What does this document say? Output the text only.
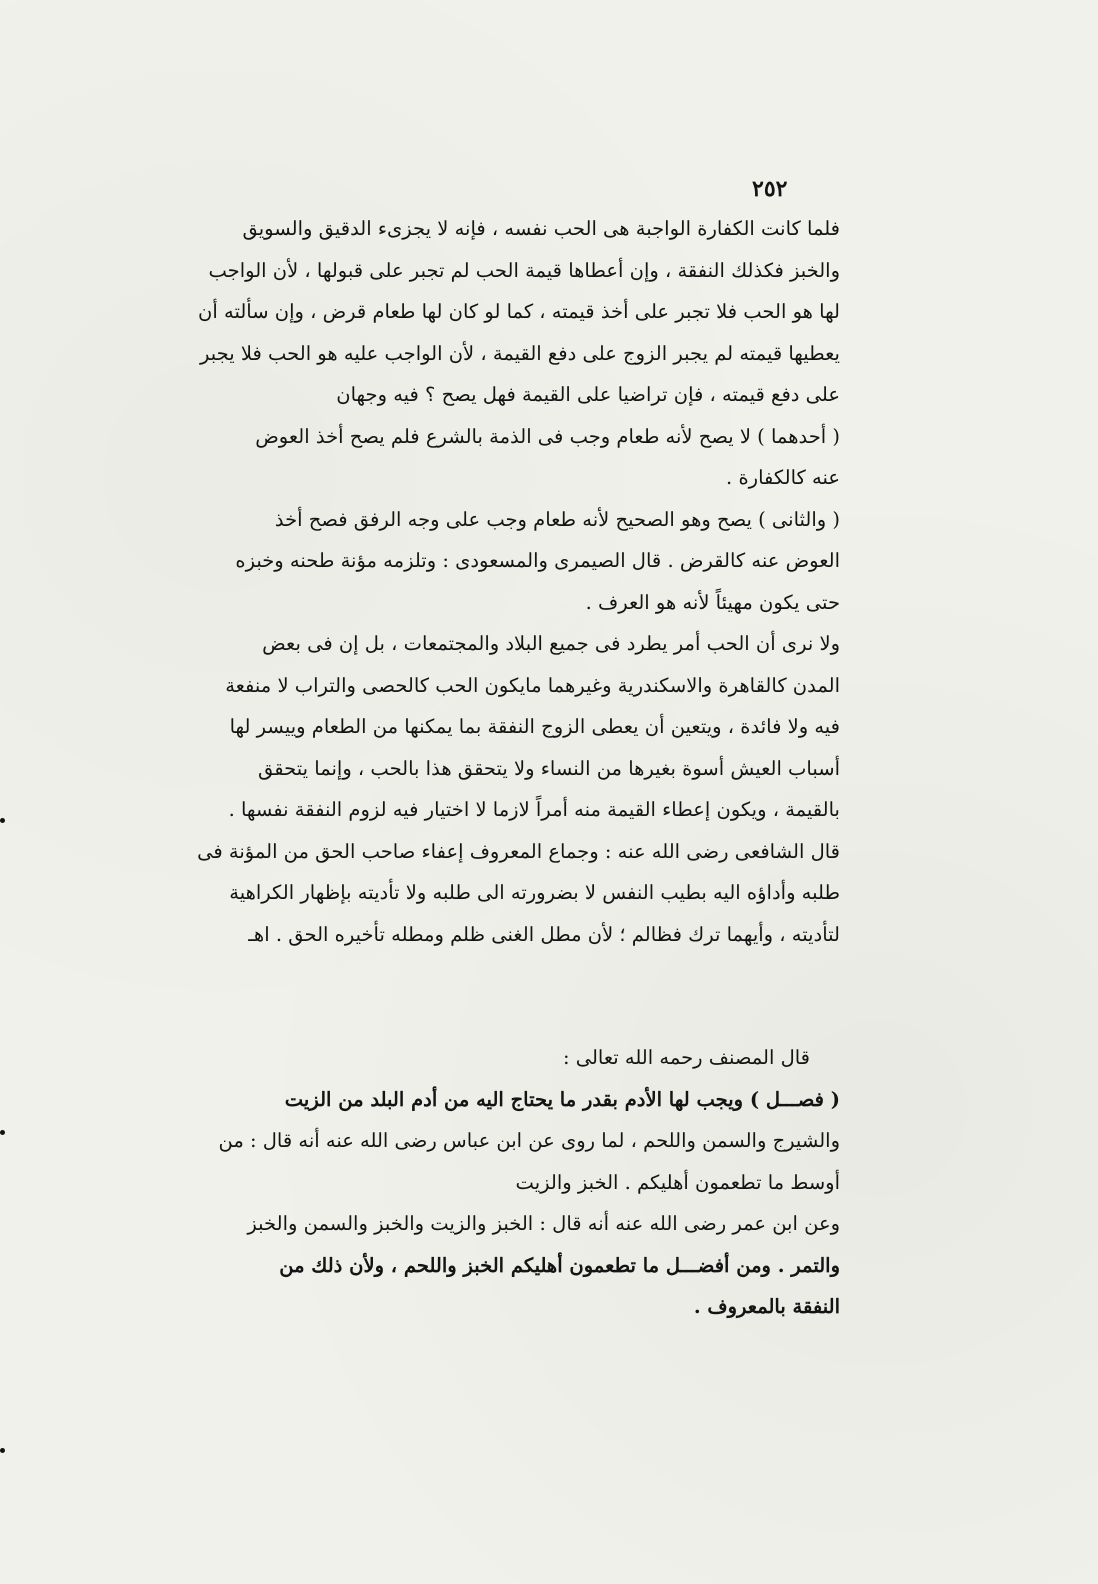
٢٥٢
فلما كانت الكفارة الواجبة هى الحب نفسه ، فإنه لا يجزىء الدقيق والسويق
والخبز فكذلك النفقة ، وإن أعطاها قيمة الحب لم تجبر على قبولها ، لأن الواجب
لها هو الحب فلا تجبر على أخذ قيمته ، كما لو كان لها طعام قرض ، وإن سألته أن
يعطيها قيمته لم يجبر الزوج على دفع القيمة ، لأن الواجب عليه هو الحب فلا يجبر
على دفع قيمته ، فإن تراضيا على القيمة فهل يصح ؟ فيه وجهان
( أحدهما ) لا يصح لأنه طعام وجب فى الذمة بالشرع فلم يصح أخذ العوض
عنه كالكفارة .
( والثانى ) يصح وهو الصحيح لأنه طعام وجب على وجه الرفق فصح أخذ
العوض عنه كالقرض . قال الصيمرى والمسعودى : وتلزمه مؤنة طحنه وخبزه
حتى يكون مهيئاً لأنه هو العرف .
ولا نرى أن الحب أمر يطرد فى جميع البلاد والمجتمعات ، بل إن فى بعض
المدن كالقاهرة والاسكندرية وغيرهما مايكون الحب كالحصى والتراب لا منفعة
فيه ولا فائدة ، ويتعين أن يعطى الزوج النفقة بما يمكنها من الطعام وييسر لها
أسباب العيش أسوة بغيرها من النساء ولا يتحقق هذا بالحب ، وإنما يتحقق
بالقيمة ، ويكون إعطاء القيمة منه أمراً لازما لا اختيار فيه لزوم النفقة نفسها .
قال الشافعى رضى الله عنه : وجماع المعروف إعفاء صاحب الحق من المؤنة فى
طلبه وأداؤه اليه بطيب النفس لا بضرورته الى طلبه ولا تأديته بإظهار الكراهية
لتأديته ، وأيهما ترك فظالم ؛ لأن مطل الغنى ظلم ومطله تأخيره الحق . اهـ
قال المصنف رحمه الله تعالى :
( فصـــل ) ويجب لها الأدم بقدر ما يحتاج اليه من أدم البلد من الزيت
والشيرج والسمن واللحم ، لما روى عن ابن عباس رضى الله عنه أنه قال : من
أوسط ما تطعمون أهليكم . الخبز والزيت
وعن ابن عمر رضى الله عنه أنه قال : الخبز والزيت والخبز والسمن والخبز
والتمر . ومن أفضـــل ما تطعمون أهليكم الخبز واللحم ، ولأن ذلك من
النفقة بالمعروف .
